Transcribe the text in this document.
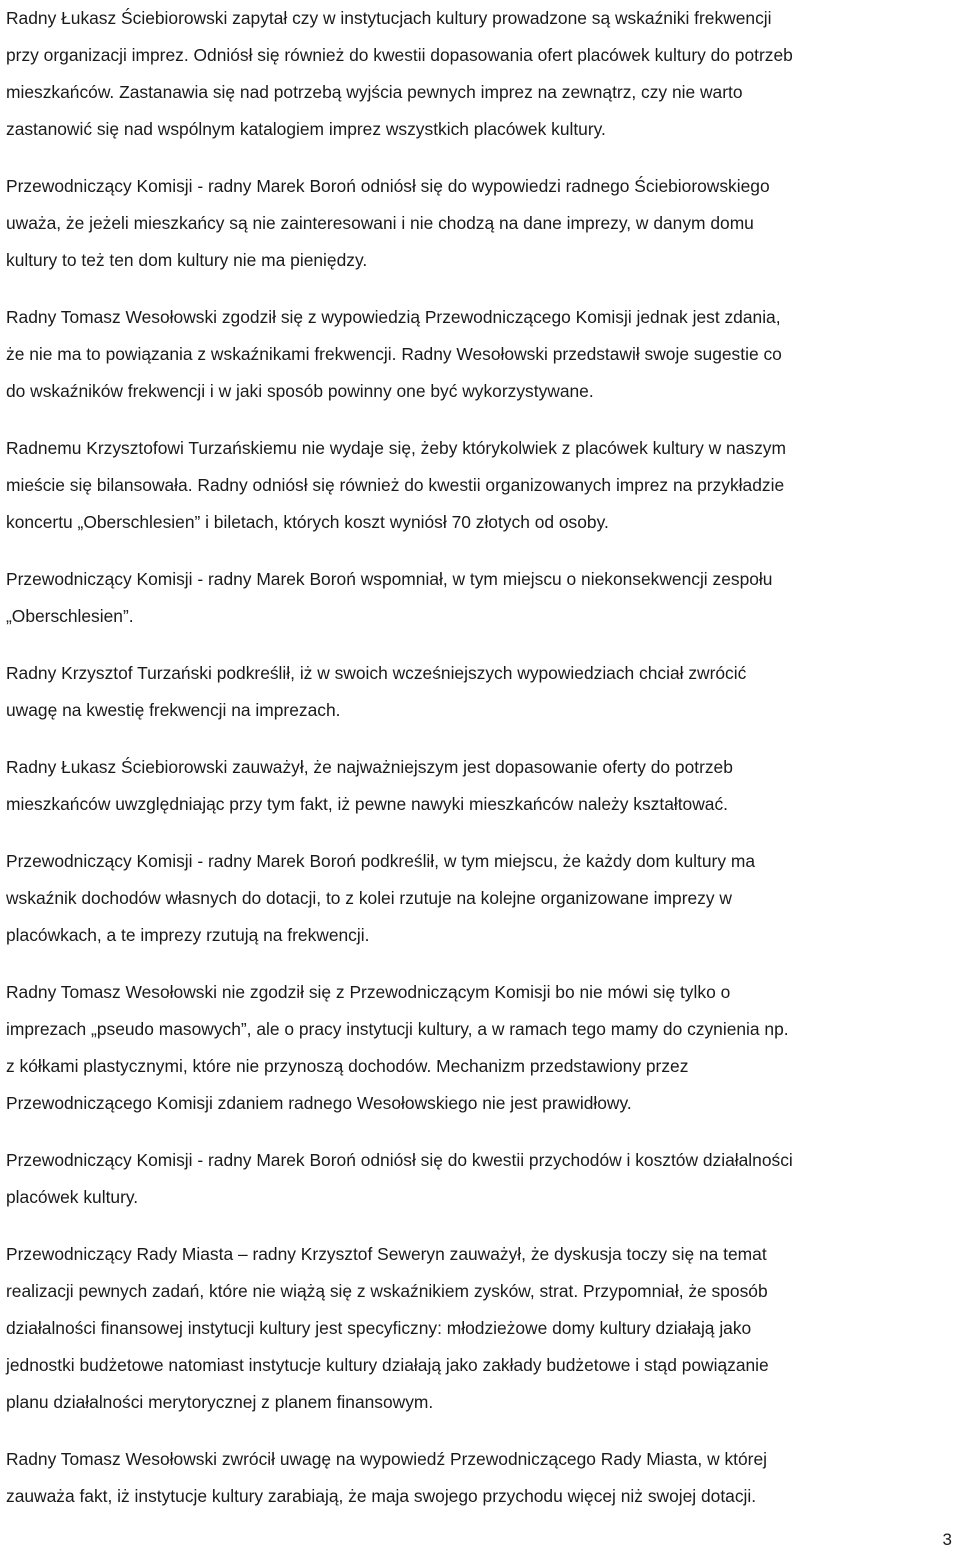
Radny Łukasz Ściebiorowski zapytał czy w instytucjach kultury prowadzone są wskaźniki frekwencji
przy organizacji imprez. Odniósł się również do kwestii dopasowania ofert placówek kultury do potrzeb
mieszkańców. Zastanawia się nad potrzebą wyjścia pewnych imprez na zewnątrz, czy nie warto
zastanowić się nad wspólnym katalogiem imprez wszystkich placówek kultury.

Przewodniczący Komisji - radny Marek Boroń odniósł się do wypowiedzi radnego Ściebiorowskiego
uważa, że jeżeli mieszkańcy są nie zainteresowani i nie chodzą na dane imprezy, w danym domu
kultury to też ten dom kultury nie ma pieniędzy.

Radny Tomasz Wesołowski zgodził się z wypowiedzią Przewodniczącego Komisji jednak jest zdania,
że nie ma to powiązania z wskaźnikami frekwencji. Radny Wesołowski przedstawił swoje sugestie co
do wskaźników frekwencji i w jaki sposób powinny one być wykorzystywane.

Radnemu Krzysztofowi Turzańskiemu nie wydaje się, żeby którykolwiek z placówek kultury w naszym
mieście się bilansowała. Radny odniósł się również do kwestii organizowanych imprez na przykładzie
koncertu „Oberschlesien” i biletach, których koszt wyniósł 70 złotych od osoby.

Przewodniczący Komisji - radny Marek Boroń wspomniał, w tym miejscu o niekonsekwencji zespołu
„Oberschlesien”.

Radny Krzysztof Turzański podkreślił, iż w swoich wcześniejszych wypowiedziach chciał zwrócić
uwagę na kwestię frekwencji na imprezach.

Radny Łukasz Ściebiorowski zauważył, że najważniejszym jest dopasowanie oferty do potrzeb
mieszkańców uwzględniając przy tym fakt, iż pewne nawyki mieszkańców należy kształtować.

Przewodniczący Komisji - radny Marek Boroń podkreślił, w tym miejscu, że każdy dom kultury ma
wskaźnik dochodów własnych do dotacji, to z kolei rzutuje na kolejne organizowane imprezy w
placówkach, a te imprezy rzutują na frekwencji.

Radny Tomasz Wesołowski nie zgodził się z Przewodniczącym Komisji bo nie mówi się tylko o
imprezach „pseudo masowych”, ale o pracy instytucji kultury, a w ramach tego mamy do czynienia np.
z kółkami plastycznymi, które nie przynoszą dochodów. Mechanizm przedstawiony przez
Przewodniczącego Komisji zdaniem radnego Wesołowskiego nie jest prawidłowy.

Przewodniczący Komisji - radny Marek Boroń odniósł się do kwestii przychodów i kosztów działalności
placówek kultury.

Przewodniczący Rady Miasta – radny Krzysztof Seweryn zauważył, że dyskusja toczy się na temat
realizacji pewnych zadań, które nie wiążą się z wskaźnikiem zysków, strat. Przypomniał, że sposób
działalności finansowej instytucji kultury jest specyficzny: młodzieżowe domy kultury działają jako
jednostki budżetowe natomiast instytucje kultury działają jako zakłady budżetowe i stąd powiązanie
planu działalności merytorycznej z planem finansowym.

Radny Tomasz Wesołowski zwrócił uwagę na wypowiedź Przewodniczącego Rady Miasta, w której
zauważa fakt, iż instytucje kultury zarabiają, że maja swojego przychodu więcej niż swojej dotacji.

3
